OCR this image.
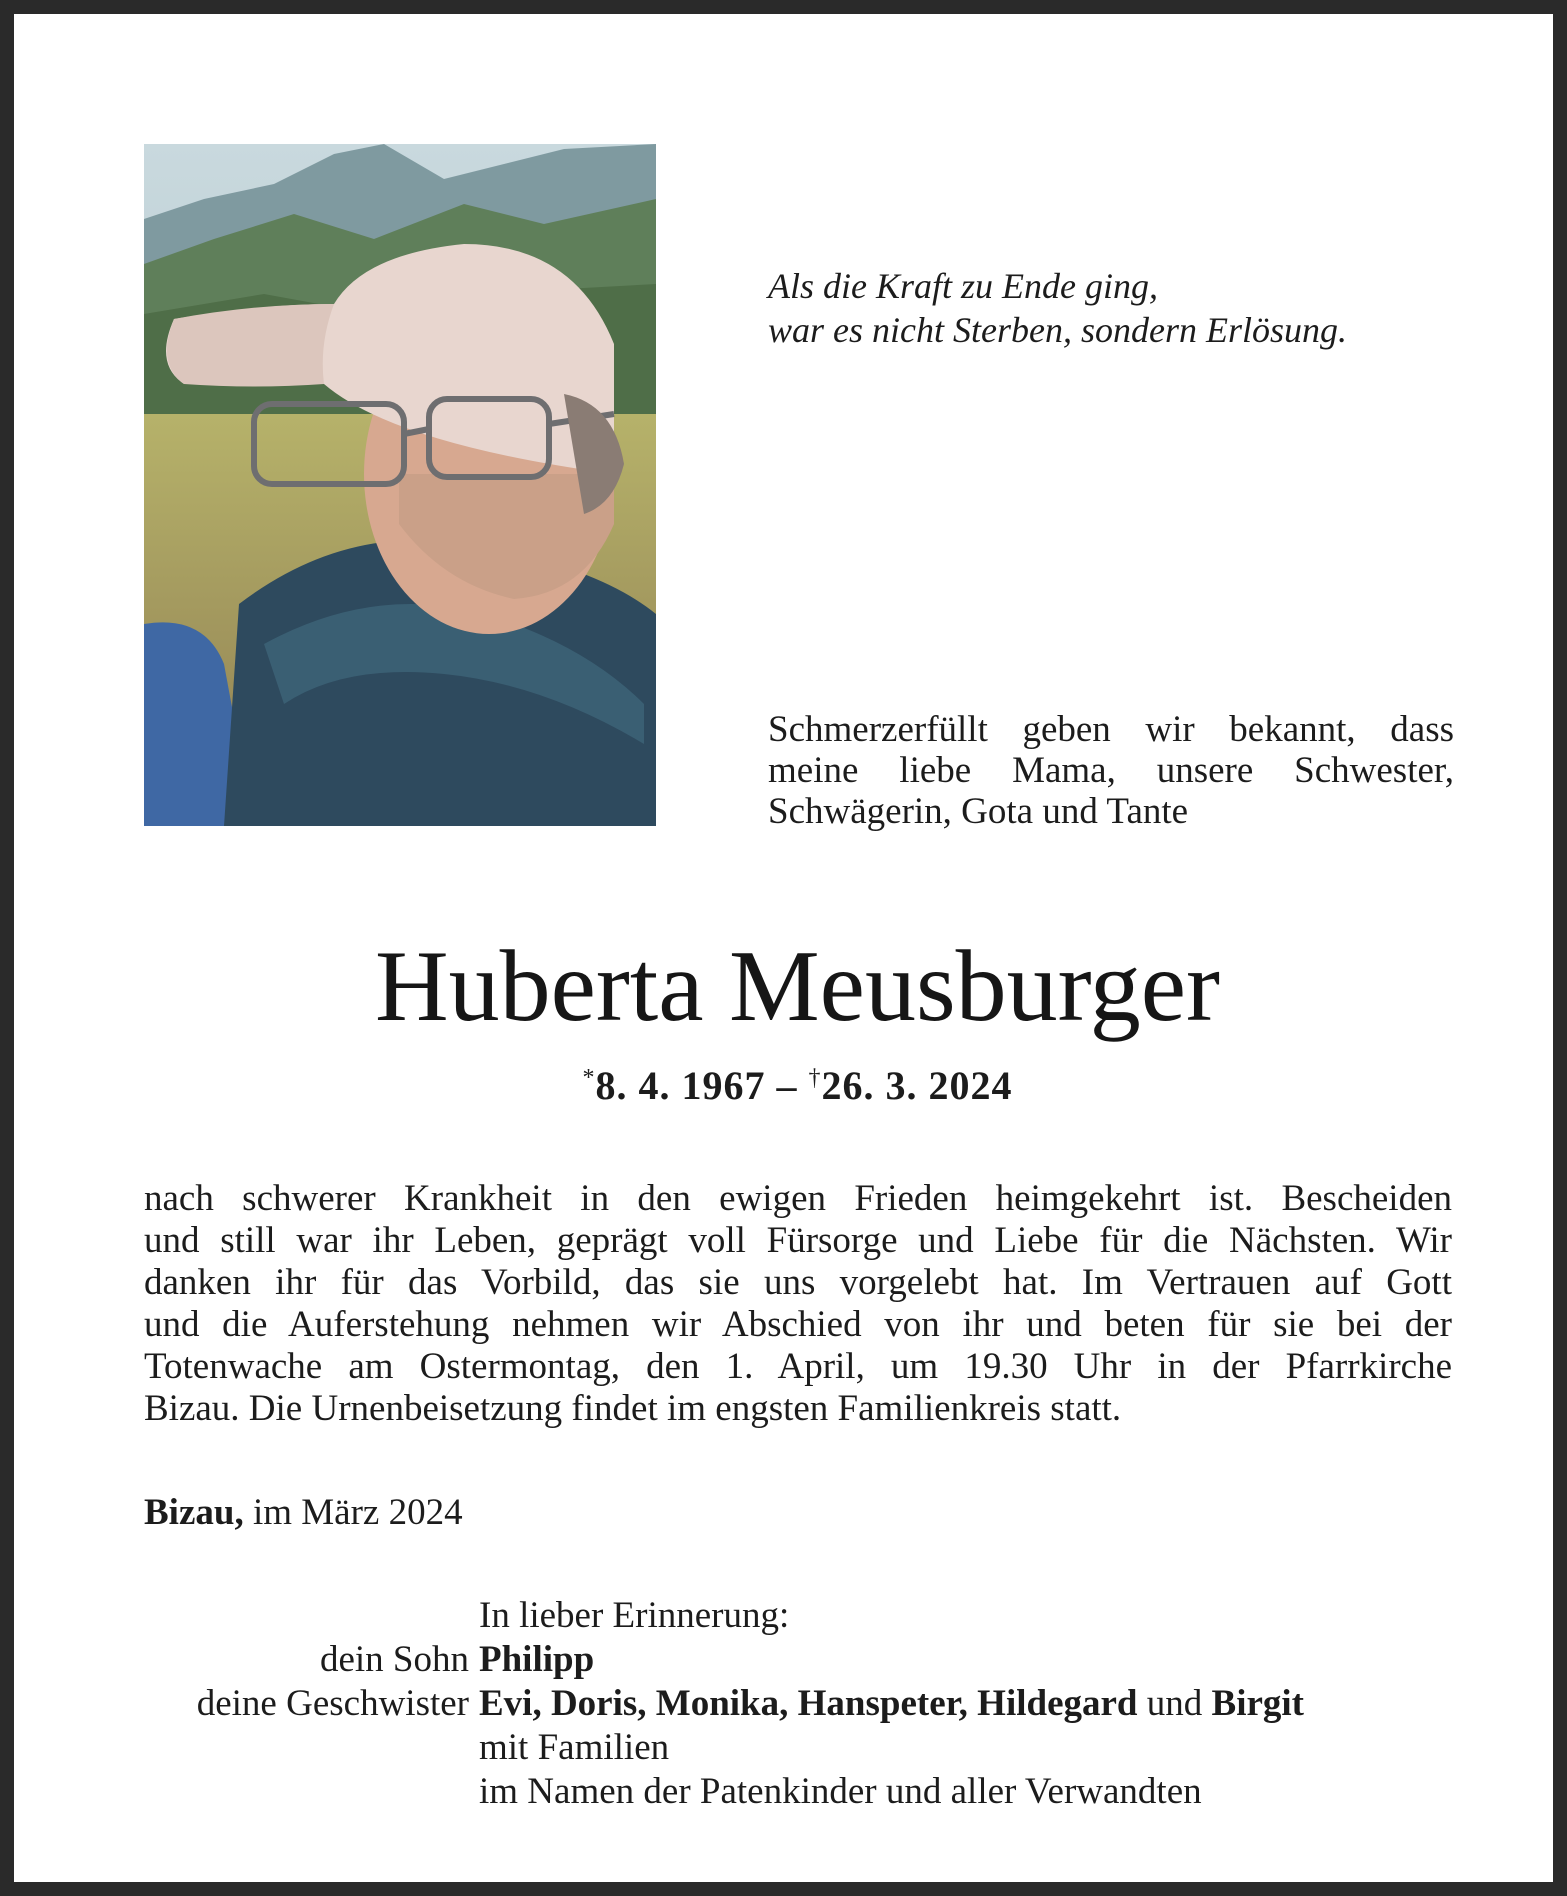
Als die Kraft zu Ende ging,
war es nicht Sterben, sondern Erlösung.
Schmerzerfüllt geben wir bekannt, dass
meine liebe Mama, unsere Schwester,
Schwägerin, Gota und Tante
Huberta Meusburger
*8. 4. 1967 – †26. 3. 2024
nach schwerer Krankheit in den ewigen Frieden heimgekehrt ist. Bescheiden
und still war ihr Leben, geprägt voll Fürsorge und Liebe für die Nächsten. Wir
danken ihr für das Vorbild, das sie uns vorgelebt hat. Im Vertrauen auf Gott
und die Auferstehung nehmen wir Abschied von ihr und beten für sie bei der
Totenwache am Ostermontag, den 1. April, um 19.30 Uhr in der Pfarrkirche
Bizau. Die Urnenbeisetzung findet im engsten Familienkreis statt.
Bizau, im März 2024
In lieber Erinnerung:
dein Sohn Philipp
deine Geschwister Evi, Doris, Monika, Hanspeter, Hildegard und Birgit
mit Familien
im Namen der Patenkinder und aller Verwandten
